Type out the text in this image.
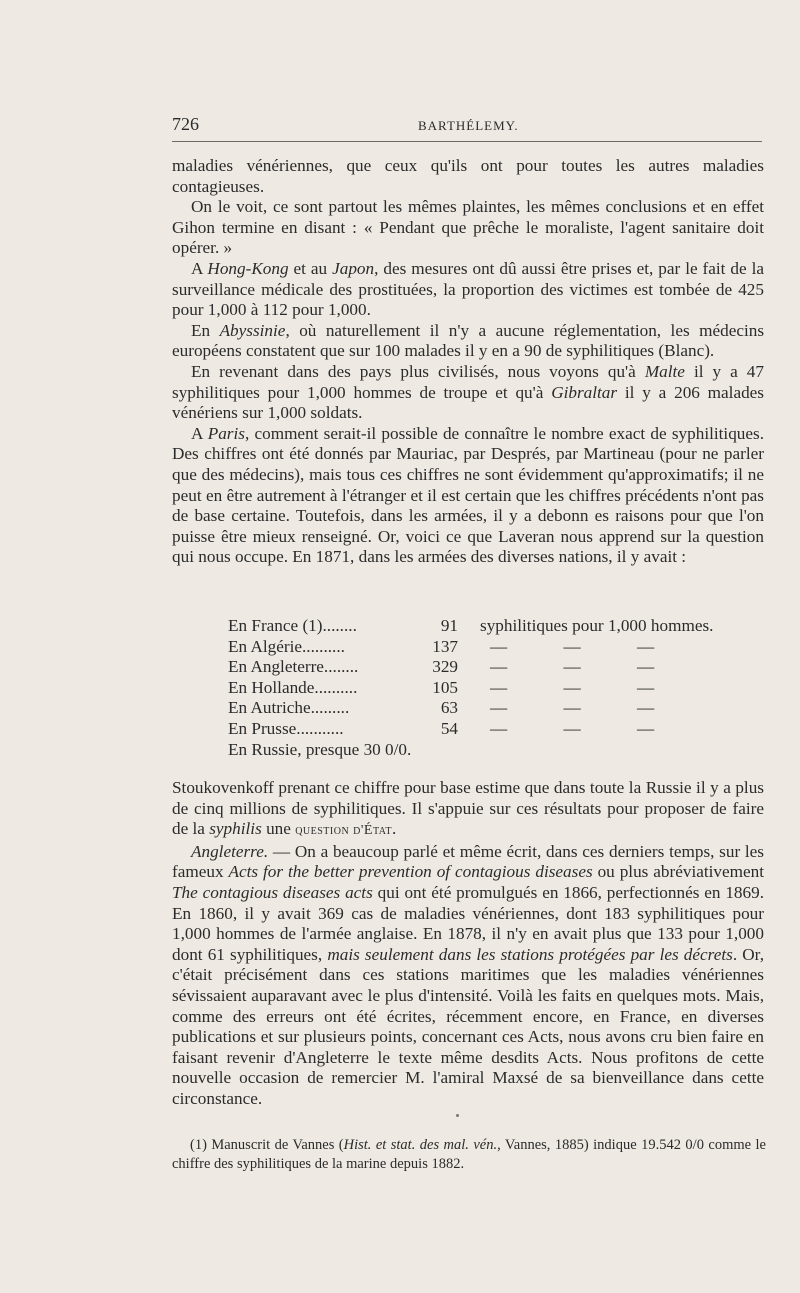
726	BARTHÉLEMY.

maladies vénériennes, que ceux qu'ils ont pour toutes les autres maladies contagieuses.

On le voit, ce sont partout les mêmes plaintes, les mêmes conclusions et en effet Gihon termine en disant : « Pendant que prêche le moraliste, l'agent sanitaire doit opérer. »

A Hong-Kong et au Japon, des mesures ont dû aussi être prises et, par le fait de la surveillance médicale des prostituées, la proportion des victimes est tombée de 425 pour 1,000 à 112 pour 1,000.

En Abyssinie, où naturellement il n'y a aucune réglementation, les médecins européens constatent que sur 100 malades il y en a 90 de syphilitiques (Blanc).

En revenant dans des pays plus civilisés, nous voyons qu'à Malte il y a 47 syphilitiques pour 1,000 hommes de troupe et qu'à Gibraltar il y a 206 malades vénériens sur 1,000 soldats.

A Paris, comment serait-il possible de connaître le nombre exact de syphilitiques. Des chiffres ont été donnés par Mauriac, par Després, par Martineau (pour ne parler que des médecins), mais tous ces chiffres ne sont évidemment qu'approximatifs; il ne peut en être autrement à l'étranger et il est certain que les chiffres précédents n'ont pas de base certaine. Toutefois, dans les armées, il y a debonn es raisons pour que l'on puisse être mieux renseigné. Or, voici ce que Laveran nous apprend sur la question qui nous occupe. En 1871, dans les armées des diverses nations, il y avait :

En France (1)........	91 syphilitiques pour 1,000 hommes.
En Algérie..........	137 — — —
En Angleterre........	329 — — —
En Hollande..........	105 — — —
En Autriche.........	63 — — —
En Prusse...........	54 — — —
En Russie, presque 30 0/0.

Stoukovenkoff prenant ce chiffre pour base estime que dans toute la Russie il y a plus de cinq millions de syphilitiques. Il s'appuie sur ces résultats pour proposer de faire de la syphilis une question d'État.

Angleterre. — On a beaucoup parlé et même écrit, dans ces derniers temps, sur les fameux Acts for the better prevention of contagious diseases ou plus abréviativement The contagious diseases acts qui ont été promulgués en 1866, perfectionnés en 1869. En 1860, il y avait 369 cas de maladies vénériennes, dont 183 syphilitiques pour 1,000 hommes de l'armée anglaise. En 1878, il n'y en avait plus que 133 pour 1,000 dont 61 syphilitiques, mais seulement dans les stations protégées par les décrets. Or, c'était précisément dans ces stations maritimes que les maladies vénériennes sévissaient auparavant avec le plus d'intensité. Voilà les faits en quelques mots. Mais, comme des erreurs ont été écrites, récemment encore, en France, en diverses publications et sur plusieurs points, concernant ces Acts, nous avons cru bien faire en faisant revenir d'Angleterre le texte même desdits Acts. Nous profitons de cette nouvelle occasion de remercier M. l'amiral Maxsé de sa bienveillance dans cette circonstance.

(1) Manuscrit de Vannes (Hist. et stat. des mal. vén., Vannes, 1885) indique 19.542 0/0 comme le chiffre des syphilitiques de la marine depuis 1882.
